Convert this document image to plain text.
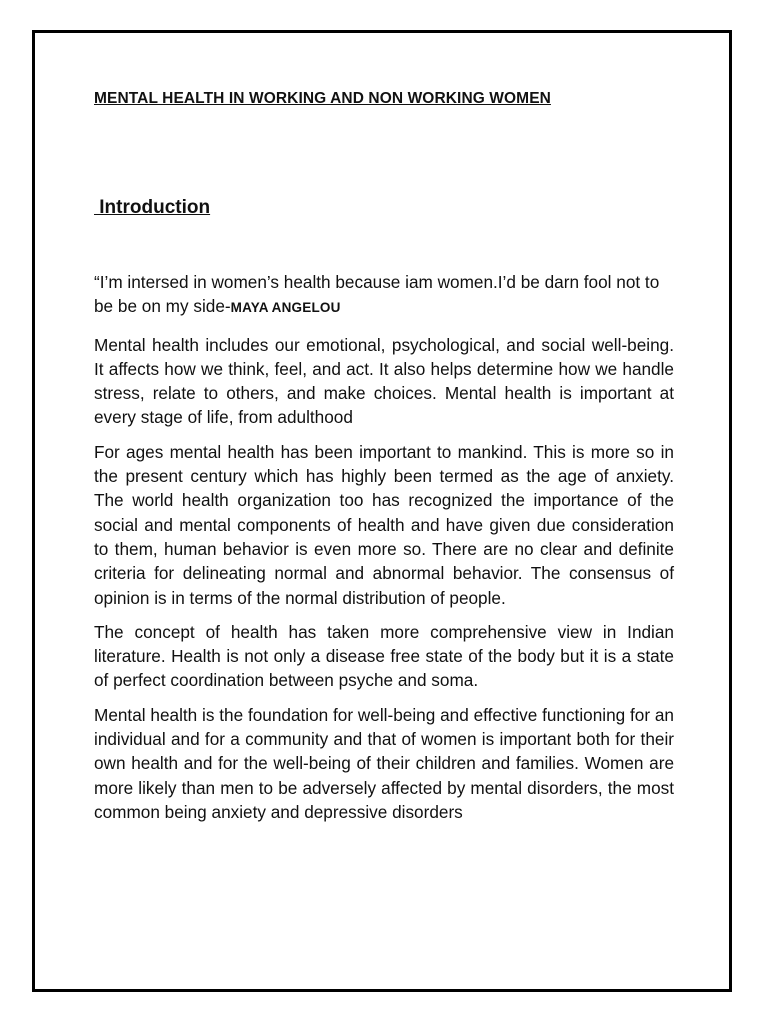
MENTAL HEALTH IN WORKING AND NON WORKING WOMEN
Introduction

“I’m intersed in women’s health because iam women.I’d be darn fool not to be be on my side-MAYA ANGELOU

Mental health includes our emotional, psychological, and social well-being. It affects how we think, feel, and act. It also helps determine how we handle stress, relate to others, and make choices. Mental health is important at every stage of life, from adulthood

For ages mental health has been important to mankind. This is more so in the present century which has highly been termed as the age of anxiety. The world health organization too has recognized the importance of the social and mental components of health and have given due consideration to them, human behavior is even more so. There are no clear and definite criteria for delineating normal and abnormal behavior. The consensus of opinion is in terms of the normal distribution of people.

The concept of health has taken more comprehensive view in Indian literature. Health is not only a disease free state of the body but it is a state of perfect coordination between psyche and soma.

Mental health is the foundation for well-being and effective functioning for an individual and for a community and that of women is important both for their own health and for the well-being of their children and families. Women are more likely than men to be adversely affected by mental disorders, the most common being anxiety and depressive disorders
